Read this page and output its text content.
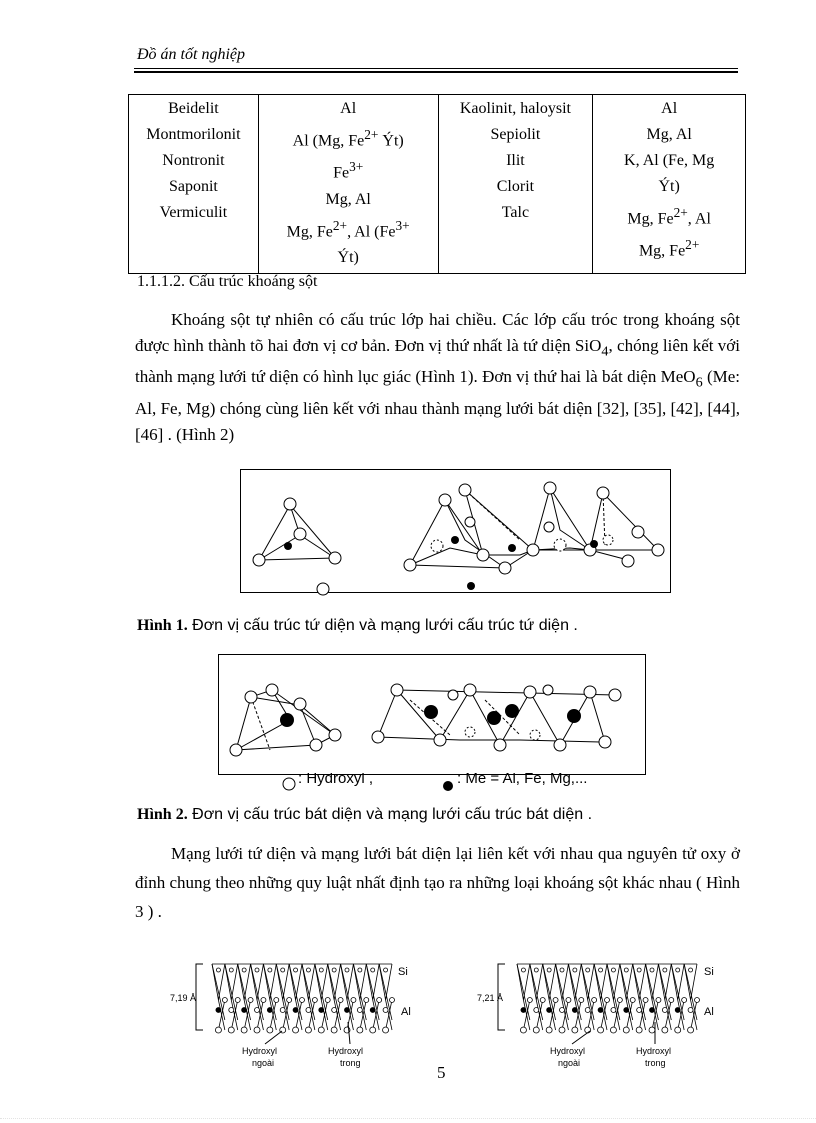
Đồ án tốt nghiệp
Beidelit
Montmorilonit
Nontronit
Saponit
Vermiculit

Al
Al (Mg, $Fe^{2+}$ Ýt)
$Fe^{3+}$
Mg, Al
Mg, $Fe^{2+}$, Al ($Fe^{3+}$
Ýt)

Kaolinit, haloysit
Sepiolit
Ilit
Clorit
Talc

Al
Mg, Al
K, Al (Fe, Mg
Ýt)
Mg, $Fe^{2+}$, Al
Mg, $Fe^{2+}$
1.1.1.2. Cấu trúc khoáng sột
Khoáng sột tự nhiên có cấu trúc lớp hai chiều. Các lớp cấu tróc trong khoáng sột được hình thành tõ hai đơn vị cơ bản. Đơn vị thứ nhất là tứ diện SiO$_4$, chóng liên kết với thành mạng lưới tứ diện có hình lục giác (Hình 1). Đơn vị thứ hai là bát diện MeO$_6$ (Me: Al, Fe, Mg) chóng cùng liên kết với nhau thành mạng lưới bát diện [32], [35], [42], [44], [46] . (Hình 2)
Hình 1. Đơn vị cấu trúc tứ diện và mạng lưới cấu trúc tứ diện .
: Hydroxyl ,	: Me = Al, Fe, Mg,...
Hình 2. Đơn vị cấu trúc bát diện và mạng lưới cấu trúc bát diện .
Mạng lưới tứ diện và mạng lưới bát diện lại liên kết với nhau qua nguyên tử oxy ở đỉnh chung theo những quy luật nhất định tạo ra những loại khoáng sột khác nhau ( Hình 3 ) .
7,19 Å
Si
Al
Hydroxyl
ngoài
Hydroxyl
trong
7,21 Å
Si
Al
Hydroxyl
ngoài
Hydroxyl
trong
5
